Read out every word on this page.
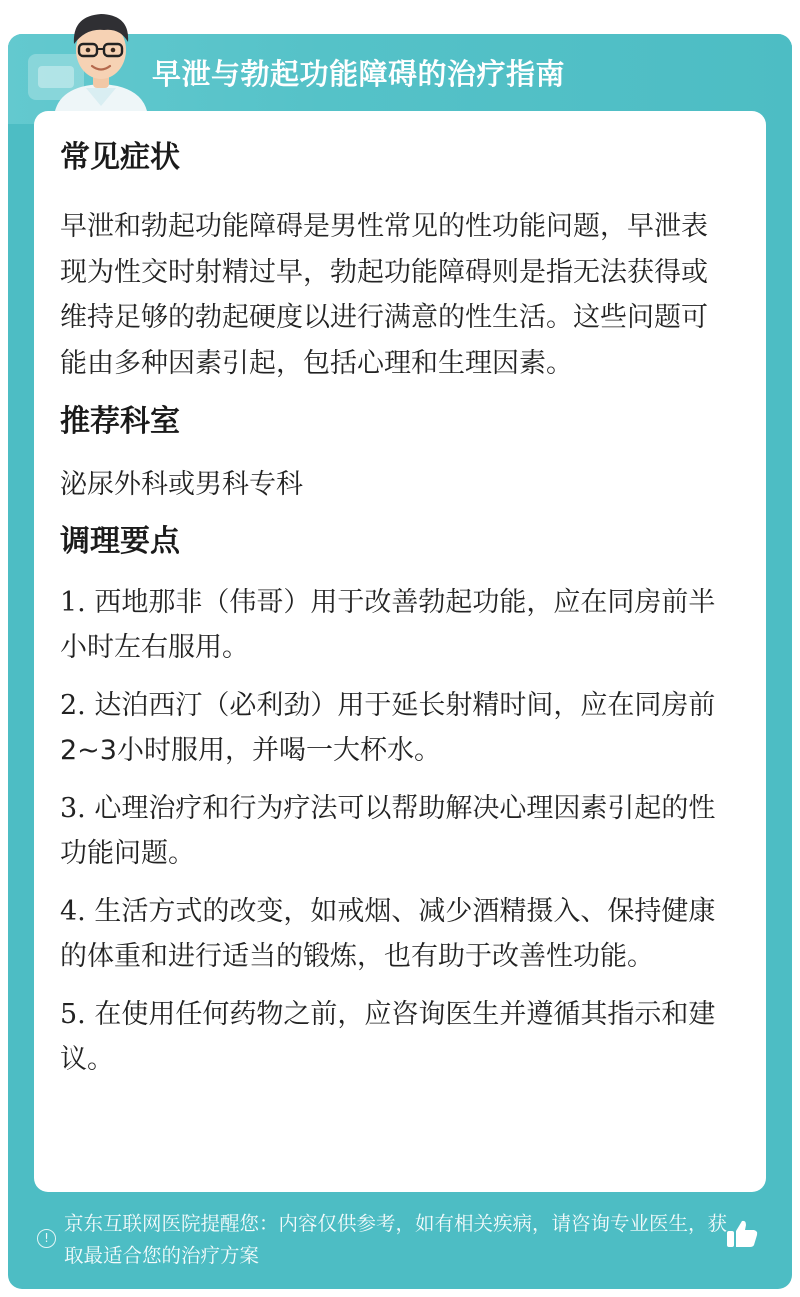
早泄与勃起功能障碍的治疗指南
常见症状

早泄和勃起功能障碍是男性常见的性功能问题，早泄表现为性交时射精过早，勃起功能障碍则是指无法获得或维持足够的勃起硬度以进行满意的性生活。这些问题可能由多种因素引起，包括心理和生理因素。

推荐科室

泌尿外科或男科专科

调理要点
1. 西地那非（伟哥）用于改善勃起功能，应在同房前半小时左右服用。
2. 达泊西汀（必利劲）用于延长射精时间，应在同房前2~3小时服用，并喝一大杯水。
3. 心理治疗和行为疗法可以帮助解决心理因素引起的性功能问题。
4. 生活方式的改变，如戒烟、减少酒精摄入、保持健康的体重和进行适当的锻炼，也有助于改善性功能。
5. 在使用任何药物之前，应咨询医生并遵循其指示和建议。
!
京东互联网医院提醒您：内容仅供参考，如有相关疾病，请咨询专业医生，获取最适合您的治疗方案
